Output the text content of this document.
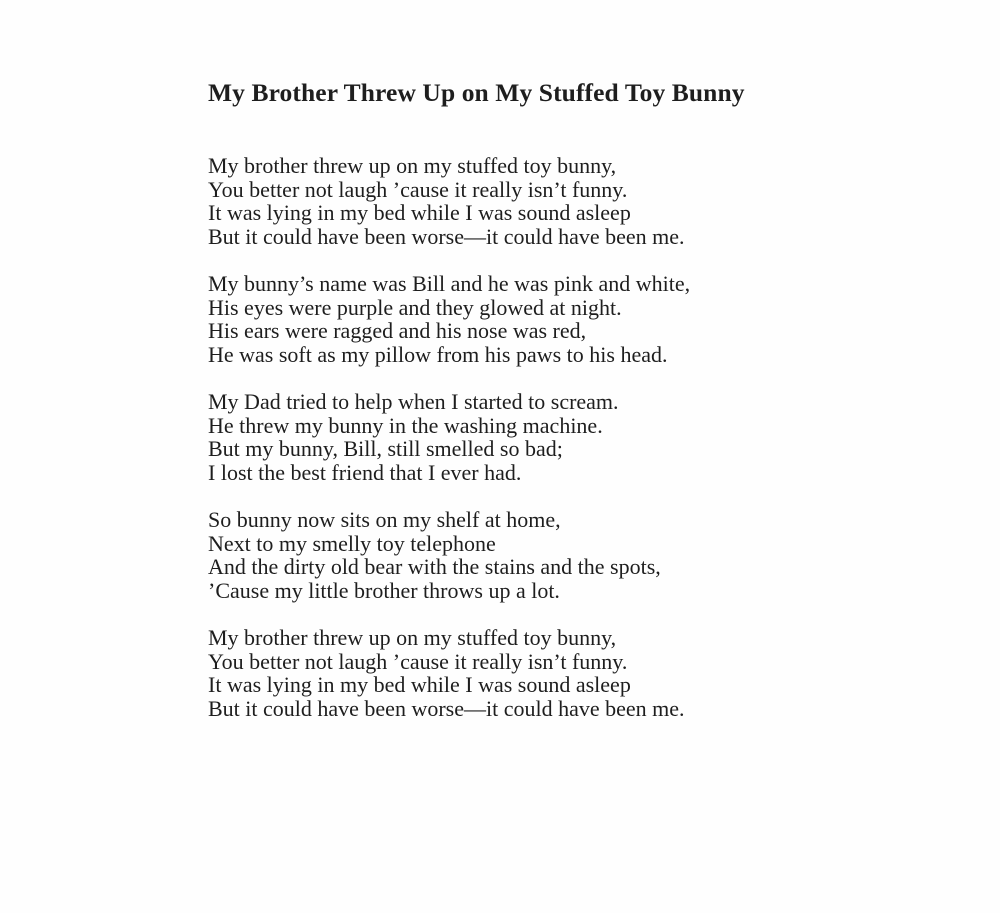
My Brother Threw Up on My Stuffed Toy Bunny
My brother threw up on my stuffed toy bunny,
You better not laugh ’cause it really isn’t funny.
It was lying in my bed while I was sound asleep
But it could have been worse—it could have been me.
My bunny’s name was Bill and he was pink and white,
His eyes were purple and they glowed at night.
His ears were ragged and his nose was red,
He was soft as my pillow from his paws to his head.
My Dad tried to help when I started to scream.
He threw my bunny in the washing machine.
But my bunny, Bill, still smelled so bad;
I lost the best friend that I ever had.
So bunny now sits on my shelf at home,
Next to my smelly toy telephone
And the dirty old bear with the stains and the spots,
’Cause my little brother throws up a lot.
My brother threw up on my stuffed toy bunny,
You better not laugh ’cause it really isn’t funny.
It was lying in my bed while I was sound asleep
But it could have been worse—it could have been me.
